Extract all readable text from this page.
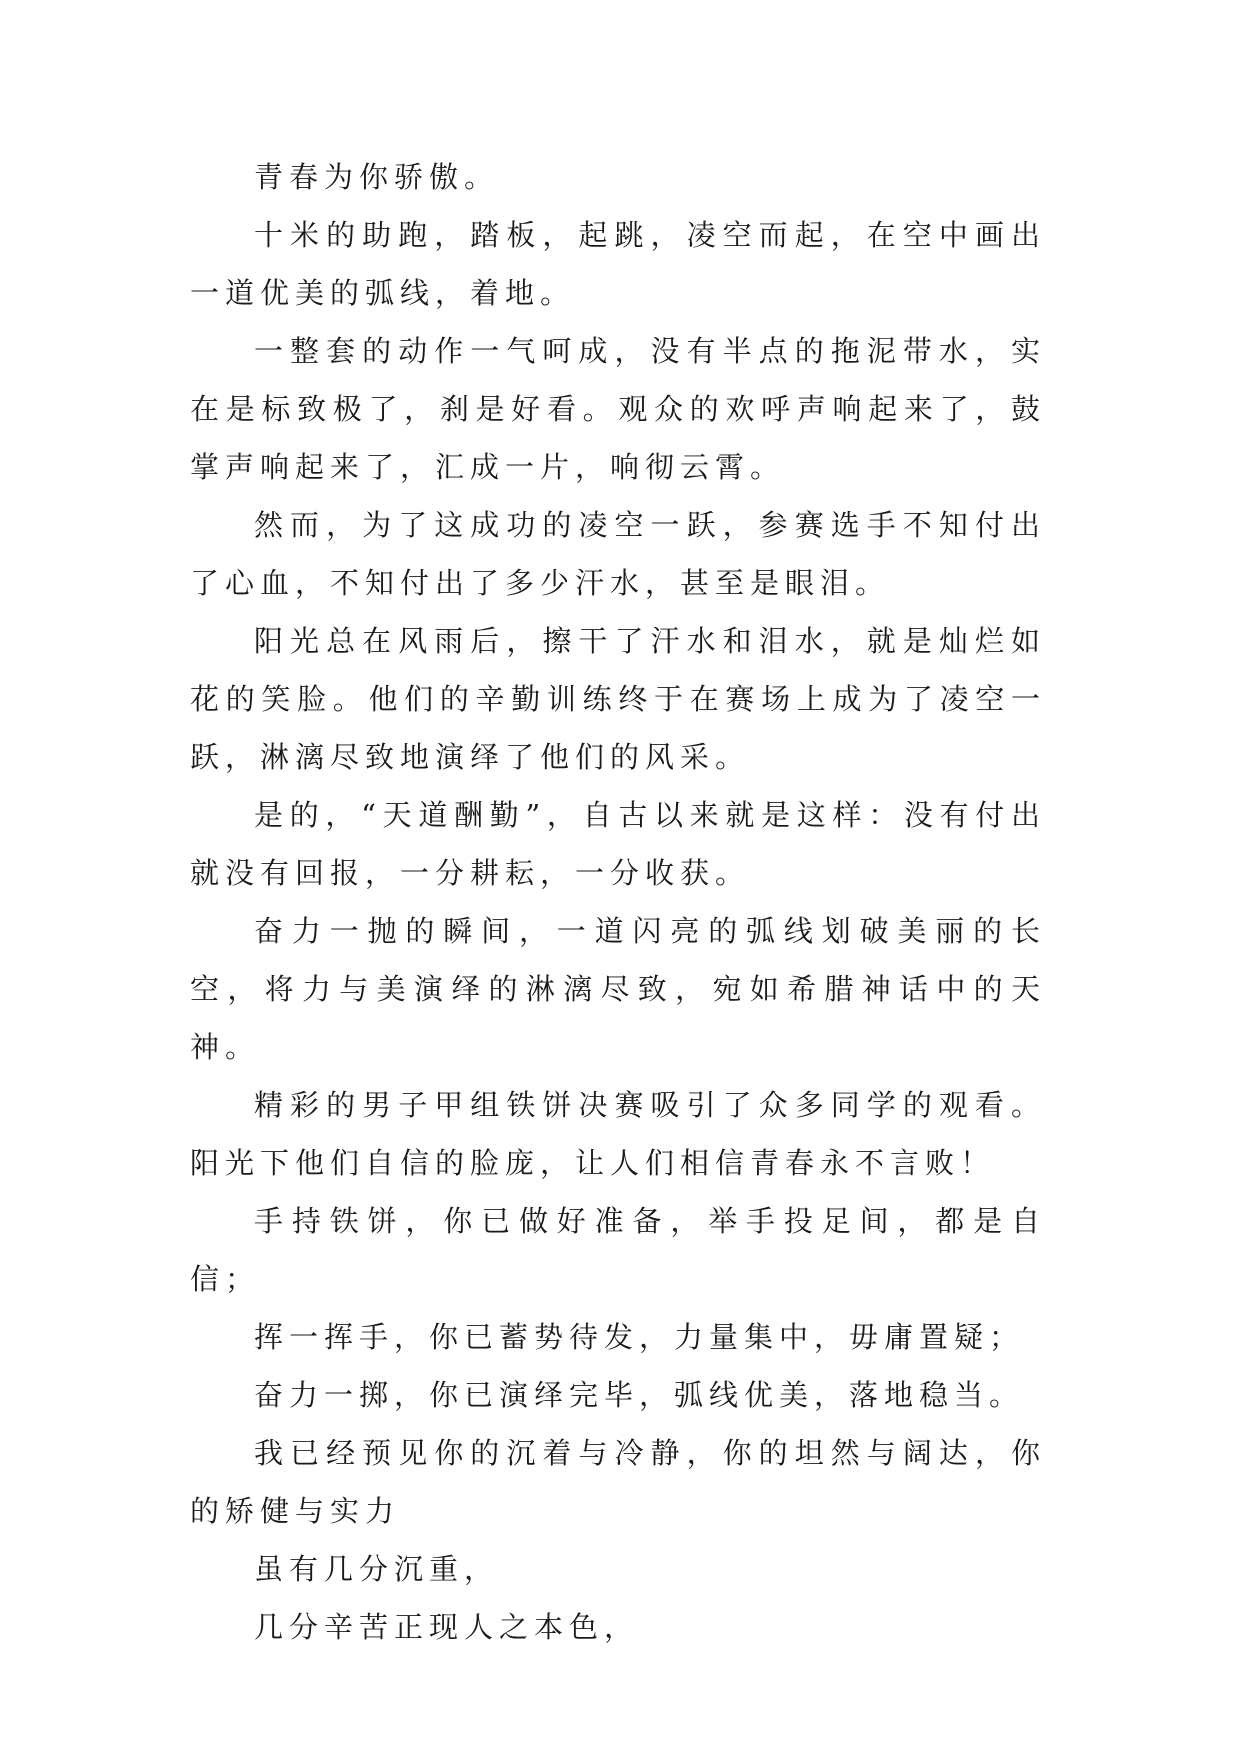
青春为你骄傲。

十米的助跑，踏板，起跳，凌空而起，在空中画出一道优美的弧线，着地。

一整套的动作一气呵成，没有半点的拖泥带水，实在是标致极了，刹是好看。观众的欢呼声响起来了，鼓掌声响起来了，汇成一片，响彻云霄。

然而，为了这成功的凌空一跃，参赛选手不知付出了心血，不知付出了多少汗水，甚至是眼泪。

阳光总在风雨后，擦干了汗水和泪水，就是灿烂如花的笑脸。他们的辛勤训练终于在赛场上成为了凌空一跃，淋漓尽致地演绎了他们的风采。

是的，“天道酬勤”，自古以来就是这样：没有付出就没有回报，一分耕耘，一分收获。

奋力一抛的瞬间，一道闪亮的弧线划破美丽的长空，将力与美演绎的淋漓尽致，宛如希腊神话中的天神。

精彩的男子甲组铁饼决赛吸引了众多同学的观看。阳光下他们自信的脸庞，让人们相信青春永不言败！

手持铁饼，你已做好准备，举手投足间，都是自信；

挥一挥手，你已蓄势待发，力量集中，毋庸置疑；

奋力一掷，你已演绎完毕，弧线优美，落地稳当。

我已经预见你的沉着与冷静，你的坦然与阔达，你的矫健与实力

虽有几分沉重，

几分辛苦正现人之本色，
